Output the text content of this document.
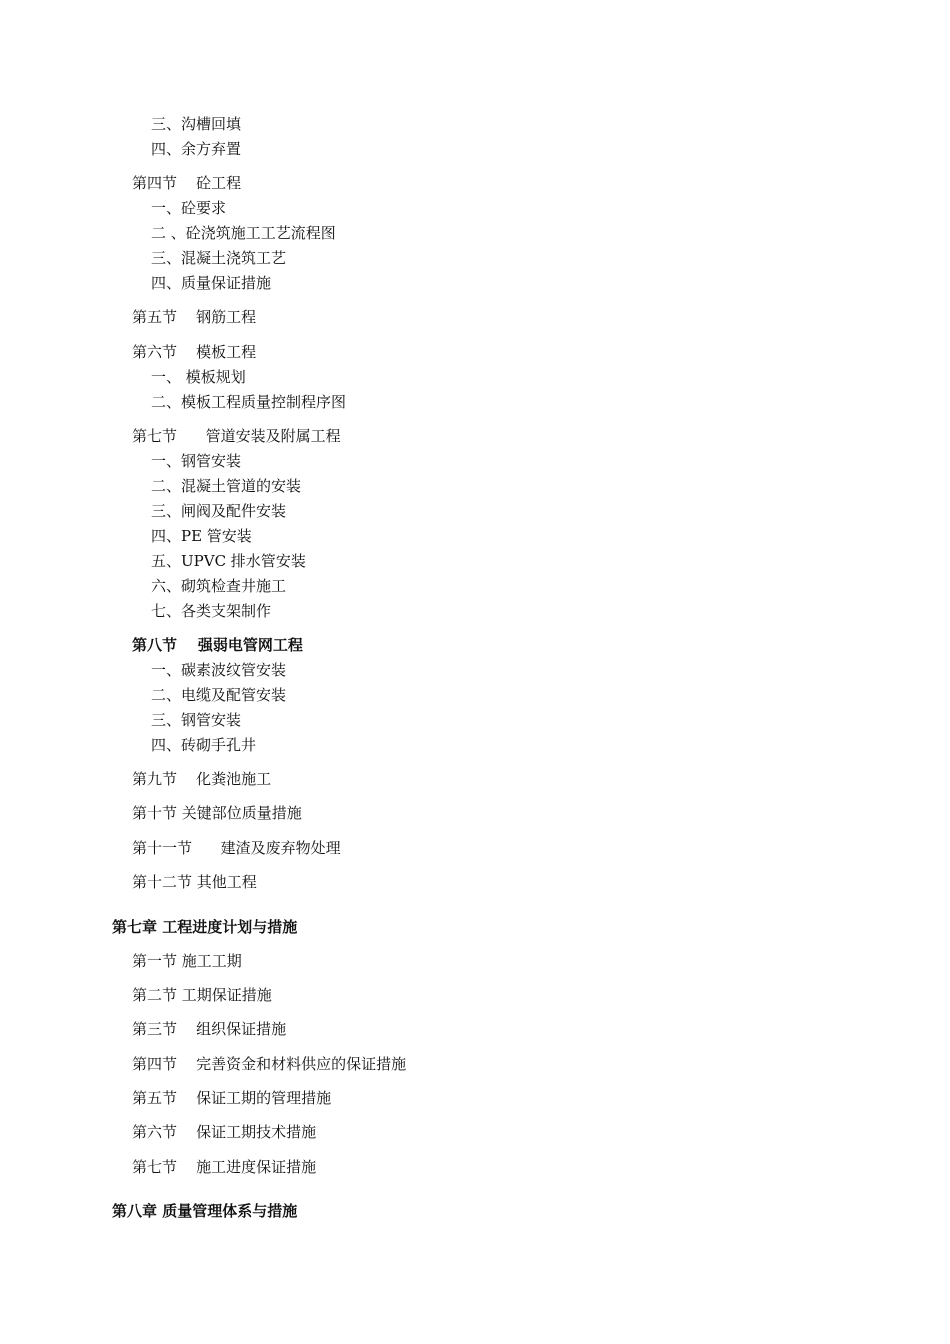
三、沟槽回填
四、余方弃置
第四节    砼工程
一、砼要求
二 、砼浇筑施工工艺流程图
三、混凝土浇筑工艺
四、质量保证措施
第五节    钢筋工程
第六节    模板工程
一、 模板规划
二、模板工程质量控制程序图
第七节      管道安装及附属工程
一、钢管安装
二、混凝土管道的安装
三、闸阀及配件安装
四、PE 管安装
五、UPVC 排水管安装
六、砌筑检查井施工
七、各类支架制作
第八节    强弱电管网工程
一、碳素波纹管安装
二、电缆及配管安装
三、钢管安装
四、砖砌手孔井
第九节    化粪池施工
第十节 关键部位质量措施
第十一节      建渣及废弃物处理
第十二节 其他工程
第七章 工程进度计划与措施
第一节 施工工期
第二节 工期保证措施
第三节    组织保证措施
第四节    完善资金和材料供应的保证措施
第五节    保证工期的管理措施
第六节    保证工期技术措施
第七节    施工进度保证措施
第八章 质量管理体系与措施
